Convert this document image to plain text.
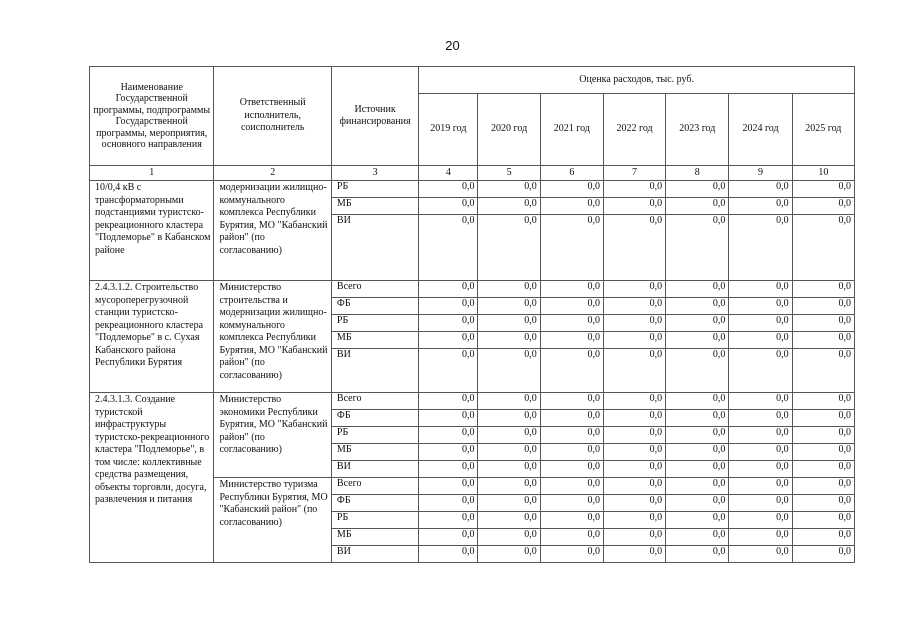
20
Наименование Государственной программы, подпрограммы Государственной программы, мероприятия, основного направления	Ответственный исполнитель, соисполнитель	Источник финансирования	Оценка расходов, тыс. руб.						
			2019 год	2020 год	2021 год	2022 год	2023 год	2024 год	2025 год
1	2	3	4	5	6	7	8	9	10
10/0,4 кВ с трансформаторными подстанциями туристско-рекреационного кластера "Подлеморье" в Кабанском районе	модернизации жилищно-коммунального комплекса Республики Бурятия, МО "Кабанский район" (по согласованию)	РБ	0,0	0,0	0,0	0,0	0,0	0,0	0,0
		МБ	0,0	0,0	0,0	0,0	0,0	0,0	0,0
		ВИ	0,0	0,0	0,0	0,0	0,0	0,0	0,0
2.4.3.1.2. Строительство мусороперегрузочной станции туристско-рекреационного кластера "Подлеморье" в с. Сухая Кабанского района Республики Бурятия	Министерство строительства и модернизации жилищно-коммунального комплекса Республики Бурятия, МО "Кабанский район" (по согласованию)	Всего	0,0	0,0	0,0	0,0	0,0	0,0	0,0
		ФБ	0,0	0,0	0,0	0,0	0,0	0,0	0,0
		РБ	0,0	0,0	0,0	0,0	0,0	0,0	0,0
		МБ	0,0	0,0	0,0	0,0	0,0	0,0	0,0
		ВИ	0,0	0,0	0,0	0,0	0,0	0,0	0,0
2.4.3.1.3. Создание туристской инфраструктуры туристско-рекреационного кластера "Подлеморье", в том числе: коллективные средства размещения, объекты торговли, досуга, развлечения и питания	Министерство экономики Республики Бурятия, МО "Кабанский район" (по согласованию)	Всего	0,0	0,0	0,0	0,0	0,0	0,0	0,0
		ФБ	0,0	0,0	0,0	0,0	0,0	0,0	0,0
		РБ	0,0	0,0	0,0	0,0	0,0	0,0	0,0
		МБ	0,0	0,0	0,0	0,0	0,0	0,0	0,0
		ВИ	0,0	0,0	0,0	0,0	0,0	0,0	0,0
	Министерство туризма Республики Бурятия, МО "Кабанский район" (по согласованию)	Всего	0,0	0,0	0,0	0,0	0,0	0,0	0,0
		ФБ	0,0	0,0	0,0	0,0	0,0	0,0	0,0
		РБ	0,0	0,0	0,0	0,0	0,0	0,0	0,0
		МБ	0,0	0,0	0,0	0,0	0,0	0,0	0,0
		ВИ	0,0	0,0	0,0	0,0	0,0	0,0	0,0
